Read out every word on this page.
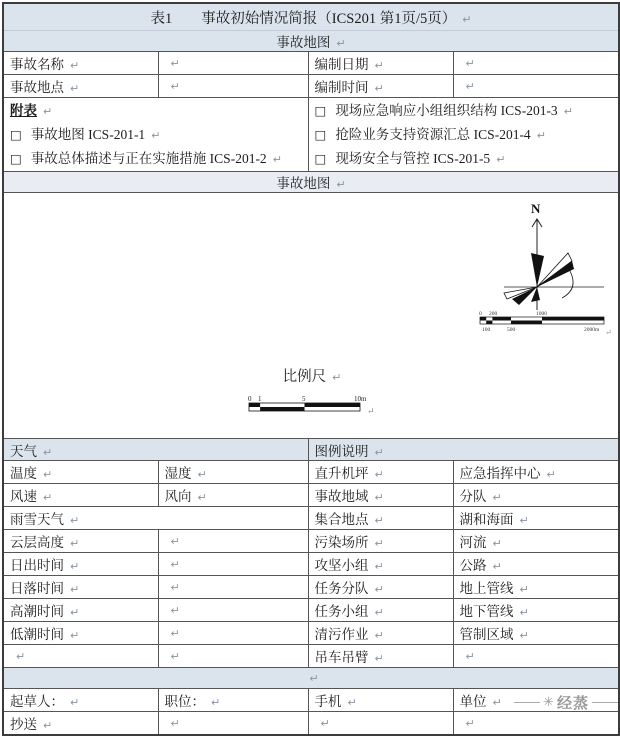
表1　　事故初始情况简报（ICS201 第1页/5页） ↵			
事故地图 ↵			
事故名称 ↵	↵	编制日期 ↵	↵
事故地点 ↵	↵	编制时间 ↵	↵

附表 ↵
□ 事故地图 ICS-201-1 ↵
□ 事故总体描述与正在实施措施 ICS-201-2 ↵

□ 现场应急响应小组组织结构 ICS-201-3 ↵
□ 抢险业务支持资源汇总 ICS-201-4 ↵
□ 现场安全与管控 ICS-201-5 ↵

事故地图 ↵			

N
0 200	1000
100	500	2000m ↵
比例尺 ↵
0 1	5	10m
↵

天气 ↵		图例说明 ↵	
温度 ↵	湿度 ↵	直升机坪 ↵	应急指挥中心 ↵
风速 ↵	风向 ↵	事故地域 ↵	分队 ↵
雨雪天气 ↵		集合地点 ↵	湖和海面 ↵
云层高度 ↵	↵	污染场所 ↵	河流 ↵
日出时间 ↵	↵	攻坚小组 ↵	公路 ↵
日落时间 ↵	↵	任务分队 ↵	地上管线 ↵
高潮时间 ↵	↵	任务小组 ↵	地下管线 ↵
低潮时间 ↵	↵	清污作业 ↵	管制区域 ↵
↵	↵	吊车吊臂 ↵	↵
↵			
起草人： ↵	职位： ↵	手机 ↵	单位 ↵
抄送 ↵	↵	↵	↵
✳ 经蒸
